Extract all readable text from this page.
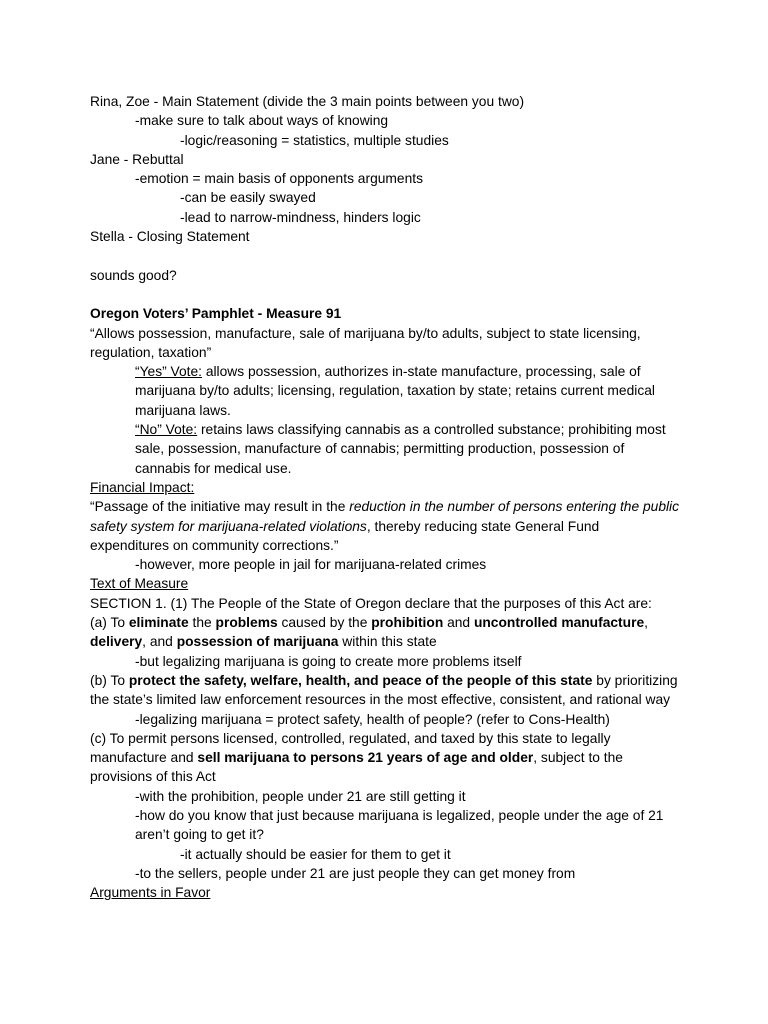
Rina, Zoe - Main Statement (divide the 3 main points between you two)
-make sure to talk about ways of knowing
-logic/reasoning = statistics, multiple studies
Jane - Rebuttal
-emotion = main basis of opponents arguments
-can be easily swayed
-lead to narrow-mindness, hinders logic
Stella - Closing Statement
sounds good?
Oregon Voters’ Pamphlet - Measure 91
“Allows possession, manufacture, sale of marijuana by/to adults, subject to state licensing, regulation, taxation”
“Yes” Vote: allows possession, authorizes in-state manufacture, processing, sale of marijuana by/to adults; licensing, regulation, taxation by state; retains current medical marijuana laws.
“No” Vote: retains laws classifying cannabis as a controlled substance; prohibiting most sale, possession, manufacture of cannabis; permitting production, possession of cannabis for medical use.
Financial Impact:
“Passage of the initiative may result in the reduction in the number of persons entering the public safety system for marijuana-related violations, thereby reducing state General Fund expenditures on community corrections.”
-however, more people in jail for marijuana-related crimes
Text of Measure
SECTION 1. (1) The People of the State of Oregon declare that the purposes of this Act are:
(a) To eliminate the problems caused by the prohibition and uncontrolled manufacture, delivery, and possession of marijuana within this state
-but legalizing marijuana is going to create more problems itself
(b) To protect the safety, welfare, health, and peace of the people of this state by prioritizing the state’s limited law enforcement resources in the most effective, consistent, and rational way
-legalizing marijuana = protect safety, health of people? (refer to Cons-Health)
(c) To permit persons licensed, controlled, regulated, and taxed by this state to legally manufacture and sell marijuana to persons 21 years of age and older, subject to the provisions of this Act
-with the prohibition, people under 21 are still getting it
-how do you know that just because marijuana is legalized, people under the age of 21 aren’t going to get it?
-it actually should be easier for them to get it
-to the sellers, people under 21 are just people they can get money from
Arguments in Favor
